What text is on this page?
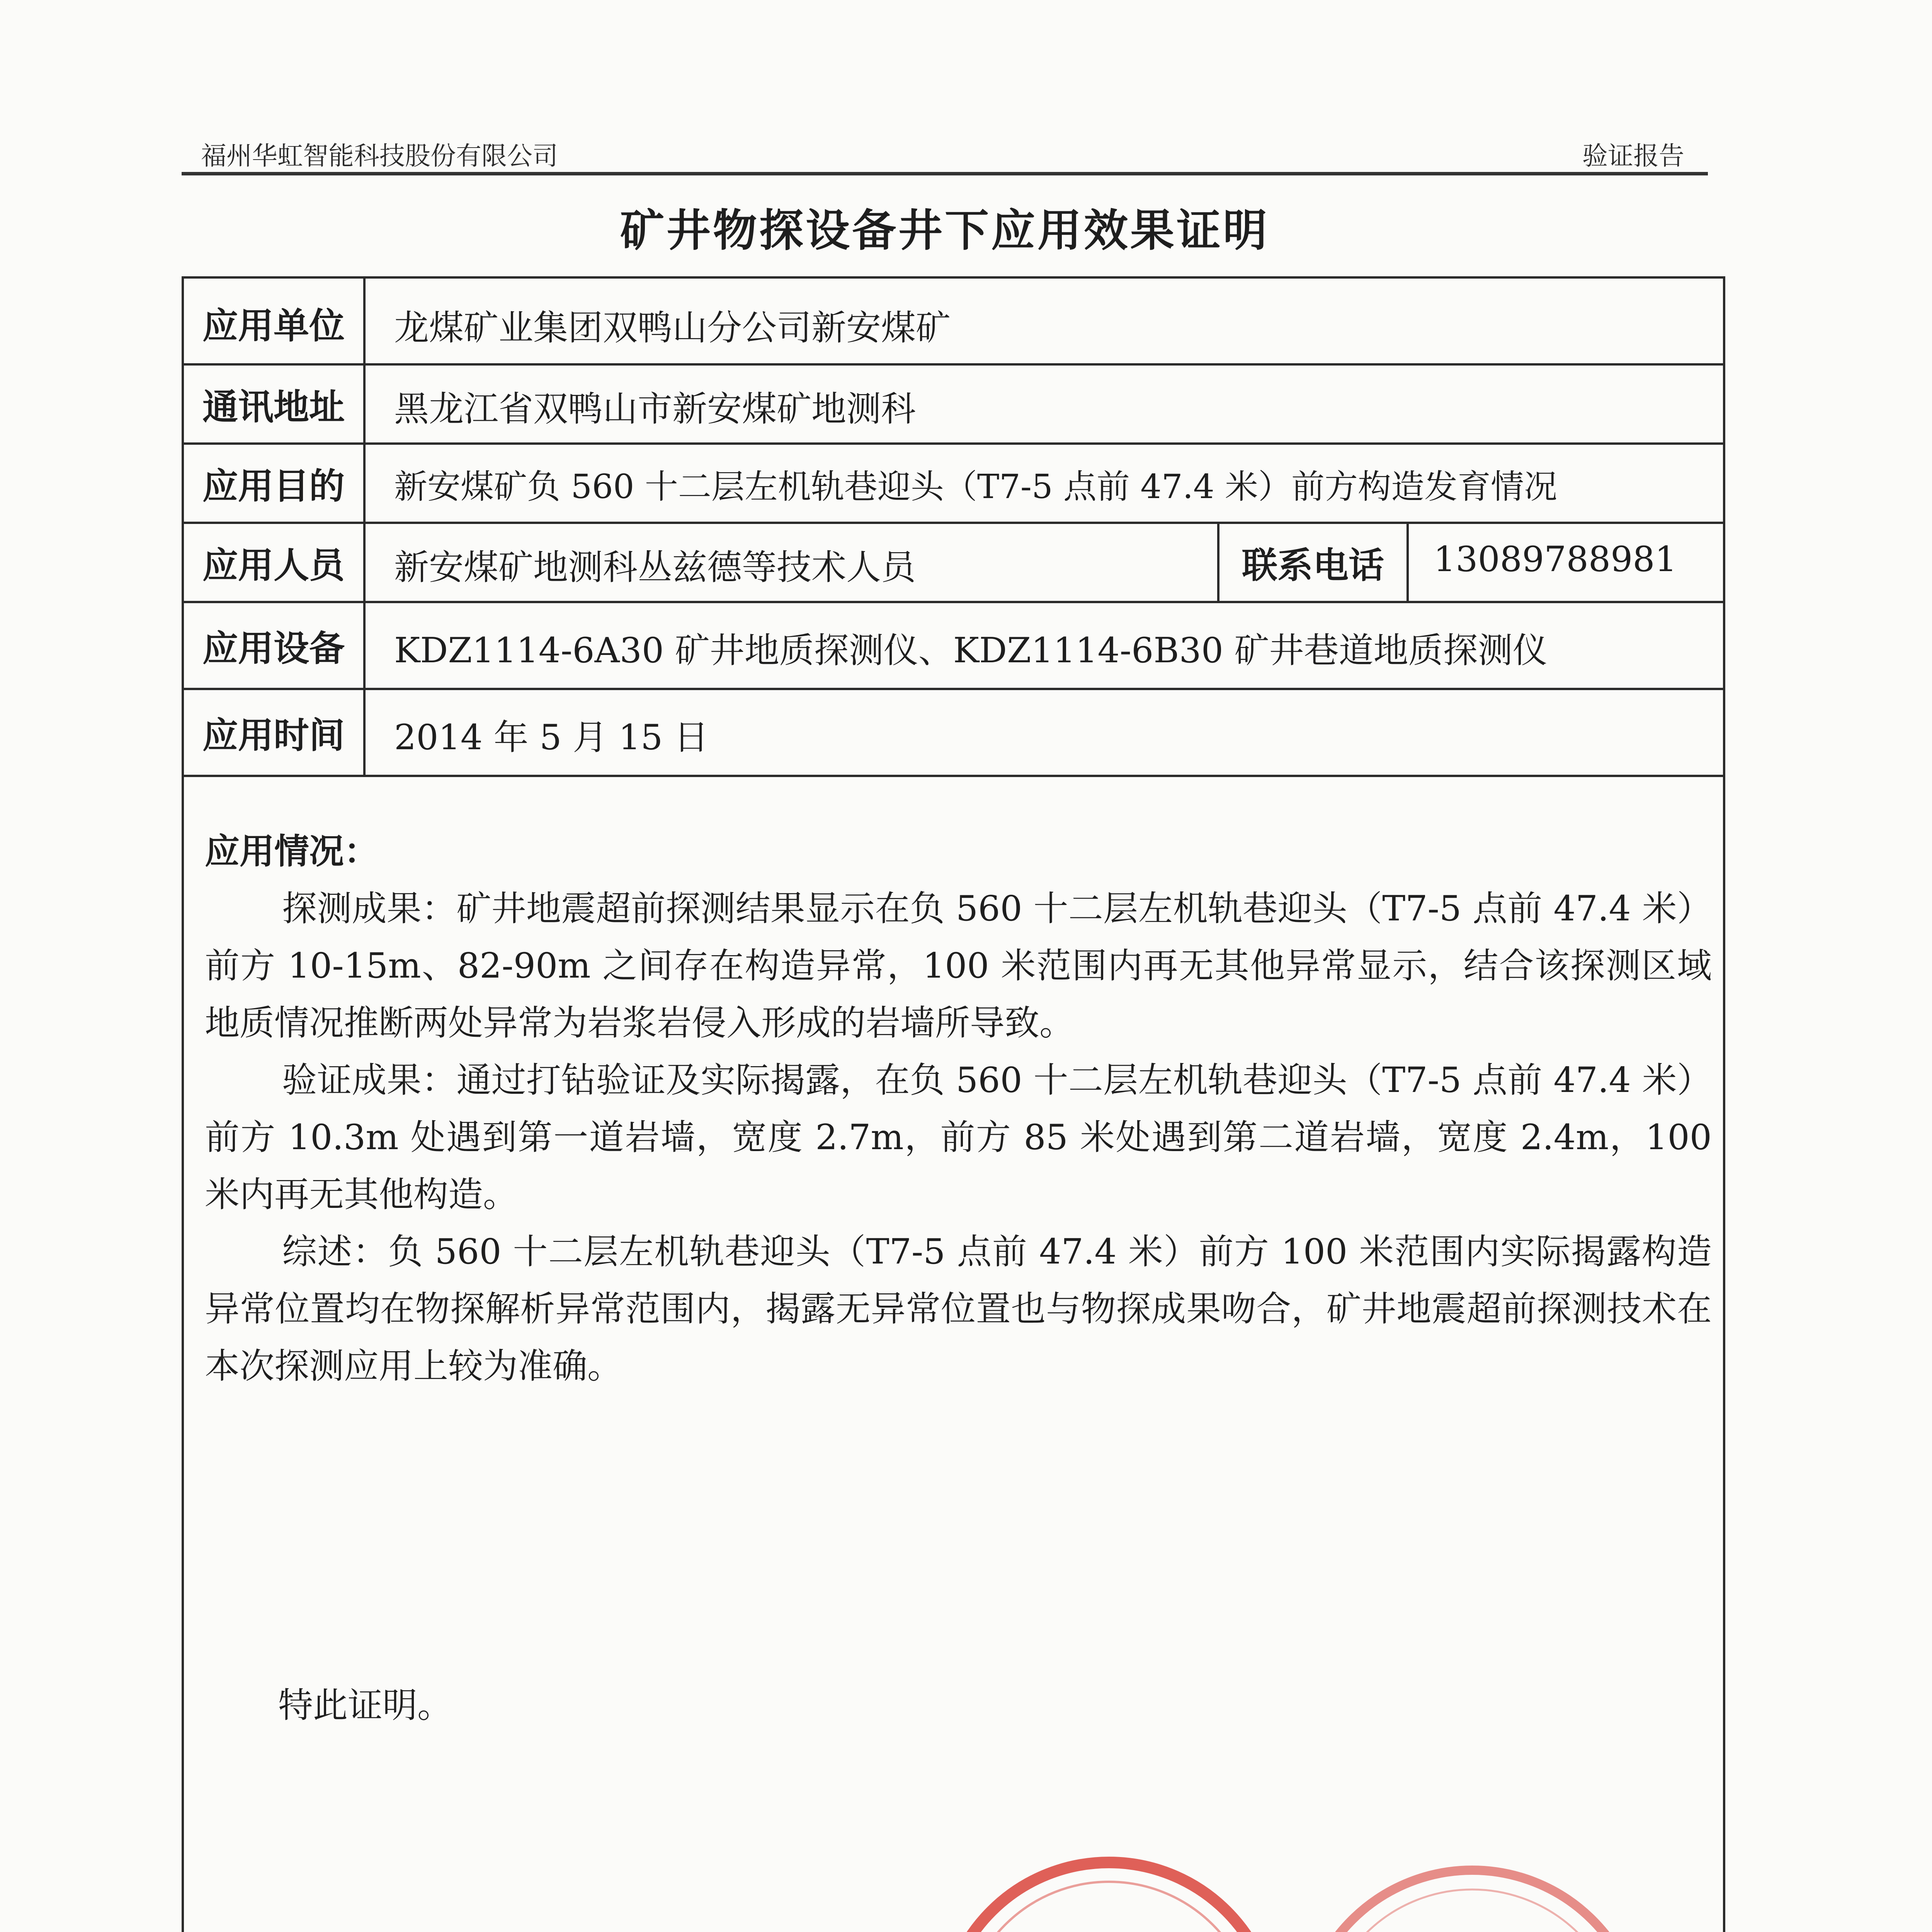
福州华虹智能科技股份有限公司	验证报告
矿井物探设备井下应用效果证明
应用单位	龙煤矿业集团双鸭山分公司新安煤矿
通讯地址	黑龙江省双鸭山市新安煤矿地测科
应用目的	新安煤矿负 560 十二层左机轨巷迎头（T7-5 点前 47.4 米）前方构造发育情况
应用人员	新安煤矿地测科丛兹德等技术人员	联系电话	13089788981
应用设备	KDZ1114-6A30 矿井地质探测仪、KDZ1114-6B30 矿井巷道地质探测仪
应用时间	2014 年 5 月 15 日
应用情况：

探测成果：矿井地震超前探测结果显示在负 560 十二层左机轨巷迎头（T7-5 点前 47.4 米）前方 10-15m、82-90m 之间存在构造异常，100 米范围内再无其他异常显示，结合该探测区域地质情况推断两处异常为岩浆岩侵入形成的岩墙所导致。

验证成果：通过打钻验证及实际揭露，在负 560 十二层左机轨巷迎头（T7-5 点前 47.4 米）前方 10.3m 处遇到第一道岩墙，宽度 2.7m，前方 85 米处遇到第二道岩墙，宽度 2.4m，100 米内再无其他构造。

综述：负 560 十二层左机轨巷迎头（T7-5 点前 47.4 米）前方 100 米范围内实际揭露构造异常位置均在物探解析异常范围内，揭露无异常位置也与物探成果吻合，矿井地震超前探测技术在本次探测应用上较为准确。

特此证明。
